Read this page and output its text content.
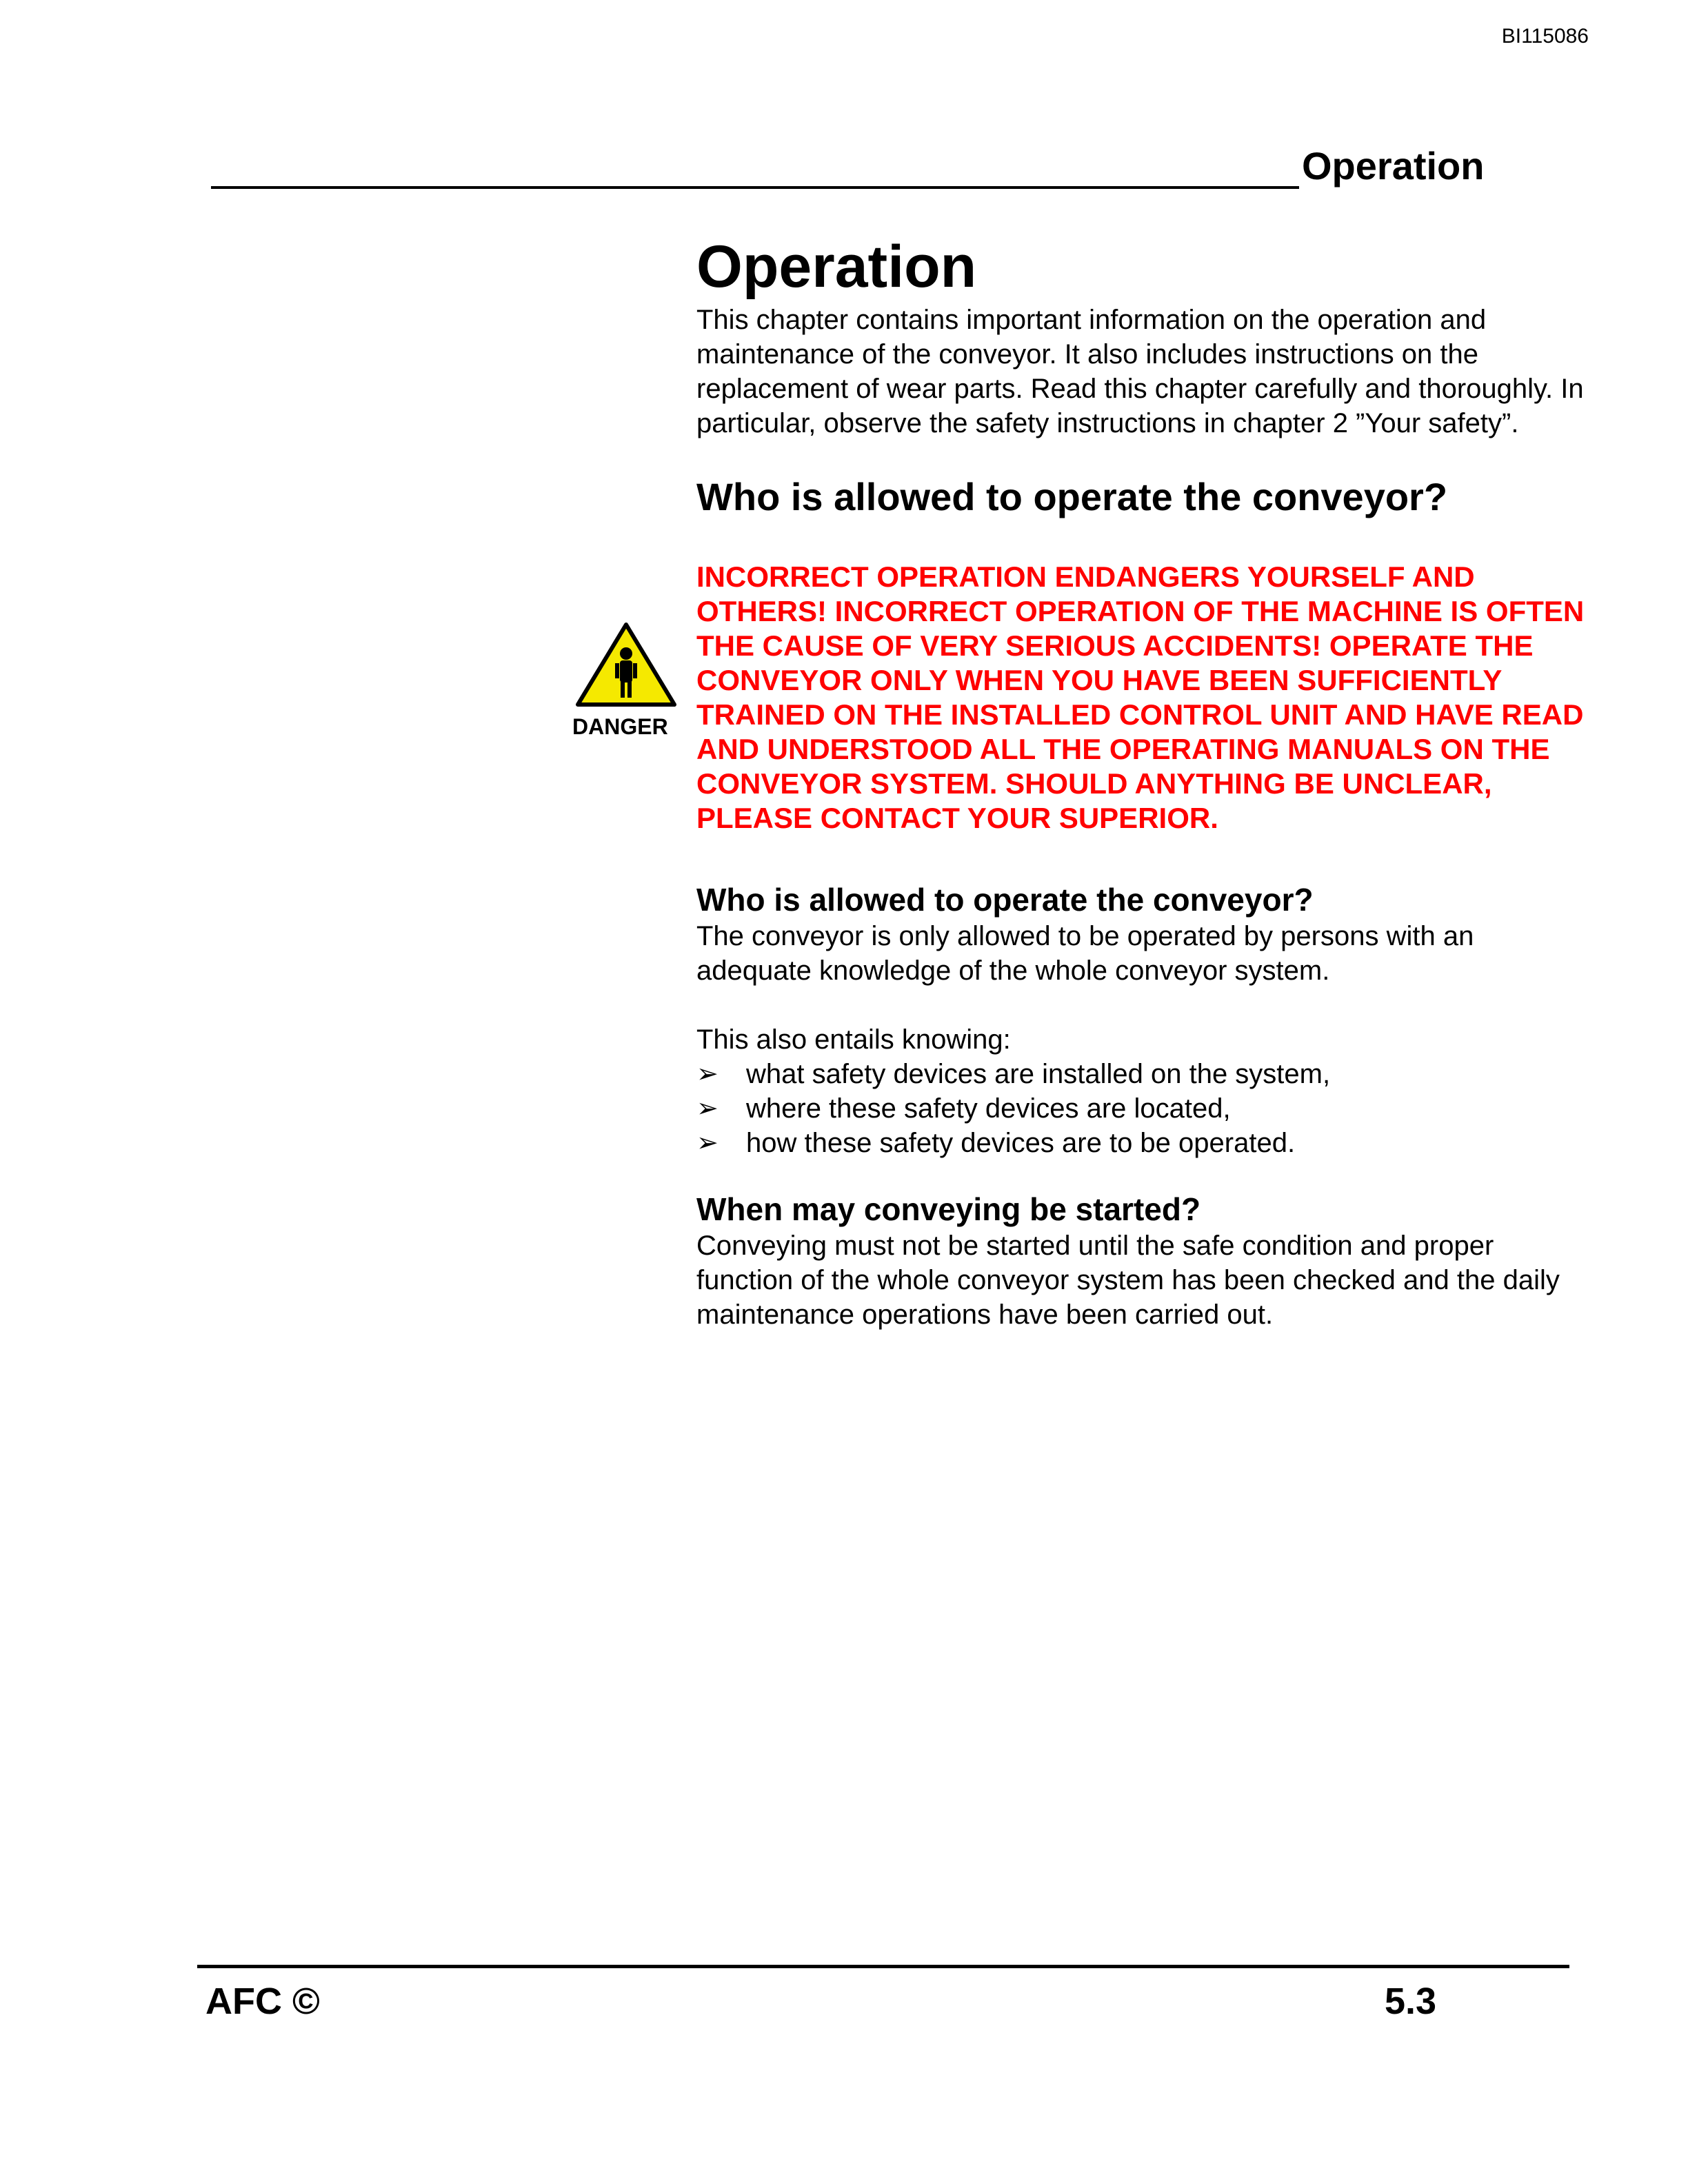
BI115086
Operation
DANGER
Operation

This chapter contains important information on the operation and maintenance of the conveyor. It also includes instructions on the replacement of wear parts. Read this chapter carefully and thoroughly. In particular, observe the safety instructions in chapter 2 ”Your safety”.

Who is allowed to operate the conveyor?

INCORRECT OPERATION ENDANGERS YOURSELF AND OTHERS! INCORRECT OPERATION OF THE MACHINE IS OFTEN THE CAUSE OF VERY SERIOUS ACCIDENTS! OPERATE THE CONVEYOR ONLY WHEN YOU HAVE BEEN SUFFICIENTLY TRAINED ON THE INSTALLED CONTROL UNIT AND HAVE READ AND UNDERSTOOD ALL THE OPERATING MANUALS ON THE CONVEYOR SYSTEM. SHOULD ANYTHING BE UNCLEAR, PLEASE CONTACT YOUR SUPERIOR.

Who is allowed to operate the conveyor?

The conveyor is only allowed to be operated by persons with an adequate knowledge of the whole conveyor system.

This also entails knowing:

➢ what safety devices are installed on the system,
➢ where these safety devices are located,
➢ how these safety devices are to be operated.
When may conveying be started?

Conveying must not be started until the safe condition and proper function of the whole conveyor system has been checked and the daily maintenance operations have been carried out.

AFC ©	5.3
